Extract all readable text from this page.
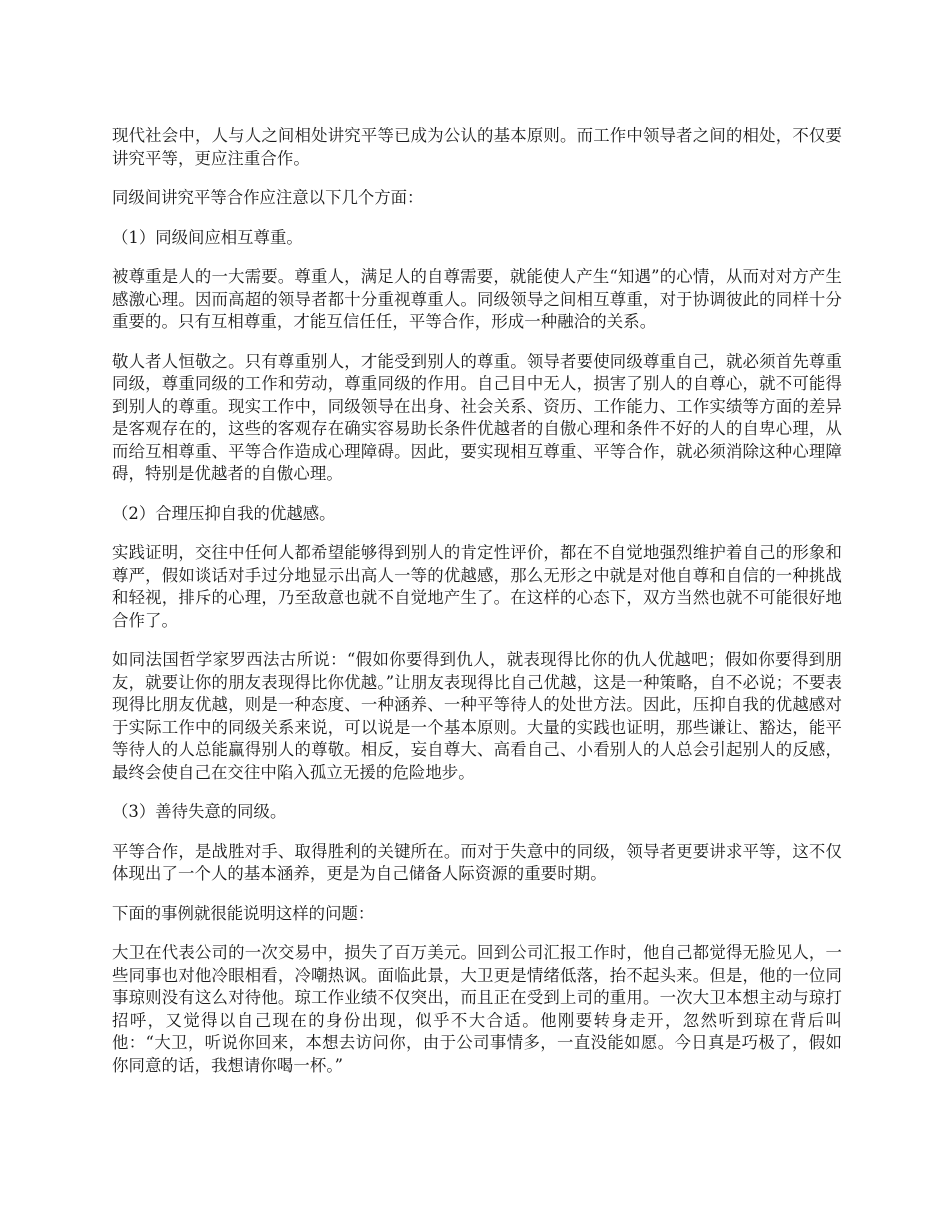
现代社会中，人与人之间相处讲究平等已成为公认的基本原则。而工作中领导者之间的相处，不仅要讲究平等，更应注重合作。

同级间讲究平等合作应注意以下几个方面：

（1）同级间应相互尊重。

被尊重是人的一大需要。尊重人，满足人的自尊需要，就能使人产生“知遇”的心情，从而对对方产生感激心理。因而高超的领导者都十分重视尊重人。同级领导之间相互尊重，对于协调彼此的同样十分重要的。只有互相尊重，才能互信任任，平等合作，形成一种融洽的关系。

敬人者人恒敬之。只有尊重别人，才能受到别人的尊重。领导者要使同级尊重自己，就必须首先尊重同级，尊重同级的工作和劳动，尊重同级的作用。自己目中无人，损害了别人的自尊心，就不可能得到别人的尊重。现实工作中，同级领导在出身、社会关系、资历、工作能力、工作实绩等方面的差异是客观存在的，这些的客观存在确实容易助长条件优越者的自傲心理和条件不好的人的自卑心理，从而给互相尊重、平等合作造成心理障碍。因此，要实现相互尊重、平等合作，就必须消除这种心理障碍，特别是优越者的自傲心理。

（2）合理压抑自我的优越感。

实践证明，交往中任何人都希望能够得到别人的肯定性评价，都在不自觉地强烈维护着自己的形象和尊严，假如谈话对手过分地显示出高人一等的优越感，那么无形之中就是对他自尊和自信的一种挑战和轻视，排斥的心理，乃至敌意也就不自觉地产生了。在这样的心态下，双方当然也就不可能很好地合作了。

如同法国哲学家罗西法古所说：“假如你要得到仇人，就表现得比你的仇人优越吧；假如你要得到朋友，就要让你的朋友表现得比你优越。”让朋友表现得比自己优越，这是一种策略，自不必说；不要表现得比朋友优越，则是一种态度、一种涵养、一种平等待人的处世方法。因此，压抑自我的优越感对于实际工作中的同级关系来说，可以说是一个基本原则。大量的实践也证明，那些谦让、豁达，能平等待人的人总能赢得别人的尊敬。相反，妄自尊大、高看自己、小看别人的人总会引起别人的反感，最终会使自己在交往中陷入孤立无援的危险地步。

（3）善待失意的同级。

平等合作，是战胜对手、取得胜利的关键所在。而对于失意中的同级，领导者更要讲求平等，这不仅体现出了一个人的基本涵养，更是为自己储备人际资源的重要时期。

下面的事例就很能说明这样的问题：

大卫在代表公司的一次交易中，损失了百万美元。回到公司汇报工作时，他自己都觉得无脸见人，一些同事也对他冷眼相看，冷嘲热讽。面临此景，大卫更是情绪低落，抬不起头来。但是，他的一位同事琼则没有这么对待他。琼工作业绩不仅突出，而且正在受到上司的重用。一次大卫本想主动与琼打招呼，又觉得以自己现在的身份出现，似乎不大合适。他刚要转身走开，忽然听到琼在背后叫他：“大卫，听说你回来，本想去访问你，由于公司事情多，一直没能如愿。今日真是巧极了，假如你同意的话，我想请你喝一杯。”
